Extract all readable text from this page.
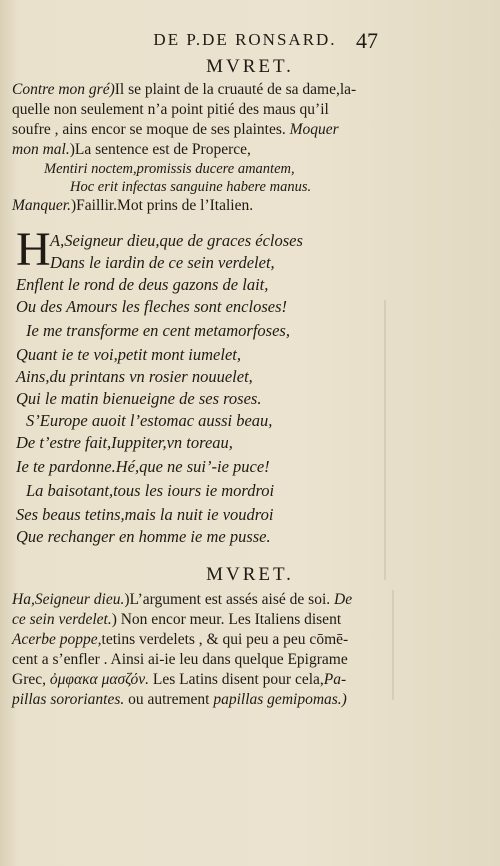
DE P.DE RONSARD. 47
MVRET.
Contre mon gré)Il se plaint de la cruauté de sa dame,la-
quelle non seulement n’a point pitié des maus qu’il
soufre , ains encor se moque de ses plaintes. Moquer
mon mal.)La sentence est de Properce,
Mentiri noctem,promissis ducere amantem,
Hoc erit infectas sanguine habere manus.
Manquer.)Faillir.Mot prins de l’Italien.
H A,Seigneur dieu,que de graces écloses
Dans le iardin de ce sein verdelet,
Enflent le rond de deus gazons de lait,
Ou des Amours les fleches sont encloses!
Ie me transforme en cent metamorfoses,
Quant ie te voi,petit mont iumelet,
Ains,du printans vn rosier nouuelet,
Qui le matin bienueigne de ses roses.
S’Europe auoit l’estomac aussi beau,
De t’estre fait,Iuppiter,vn toreau,
Ie te pardonne.Hé,que ne sui’-ie puce!
La baisotant,tous les iours ie mordroi
Ses beaus tetins,mais la nuit ie voudroi
Que rechanger en homme ie me pusse.
MVRET.
Ha,Seigneur dieu.)L’argument est assés aisé de soi. De
ce sein verdelet.) Non encor meur. Les Italiens disent
Acerbe poppe,tetins verdelets , & qui peu a peu cōmē-
cent a s’enfler . Ainsi ai-ie leu dans quelque Epigrame
Grec, ὀμφακα μασζόν. Les Latins disent pour cela,Pa-
pillas sororiantes. ou autrement papillas gemipomas.)
